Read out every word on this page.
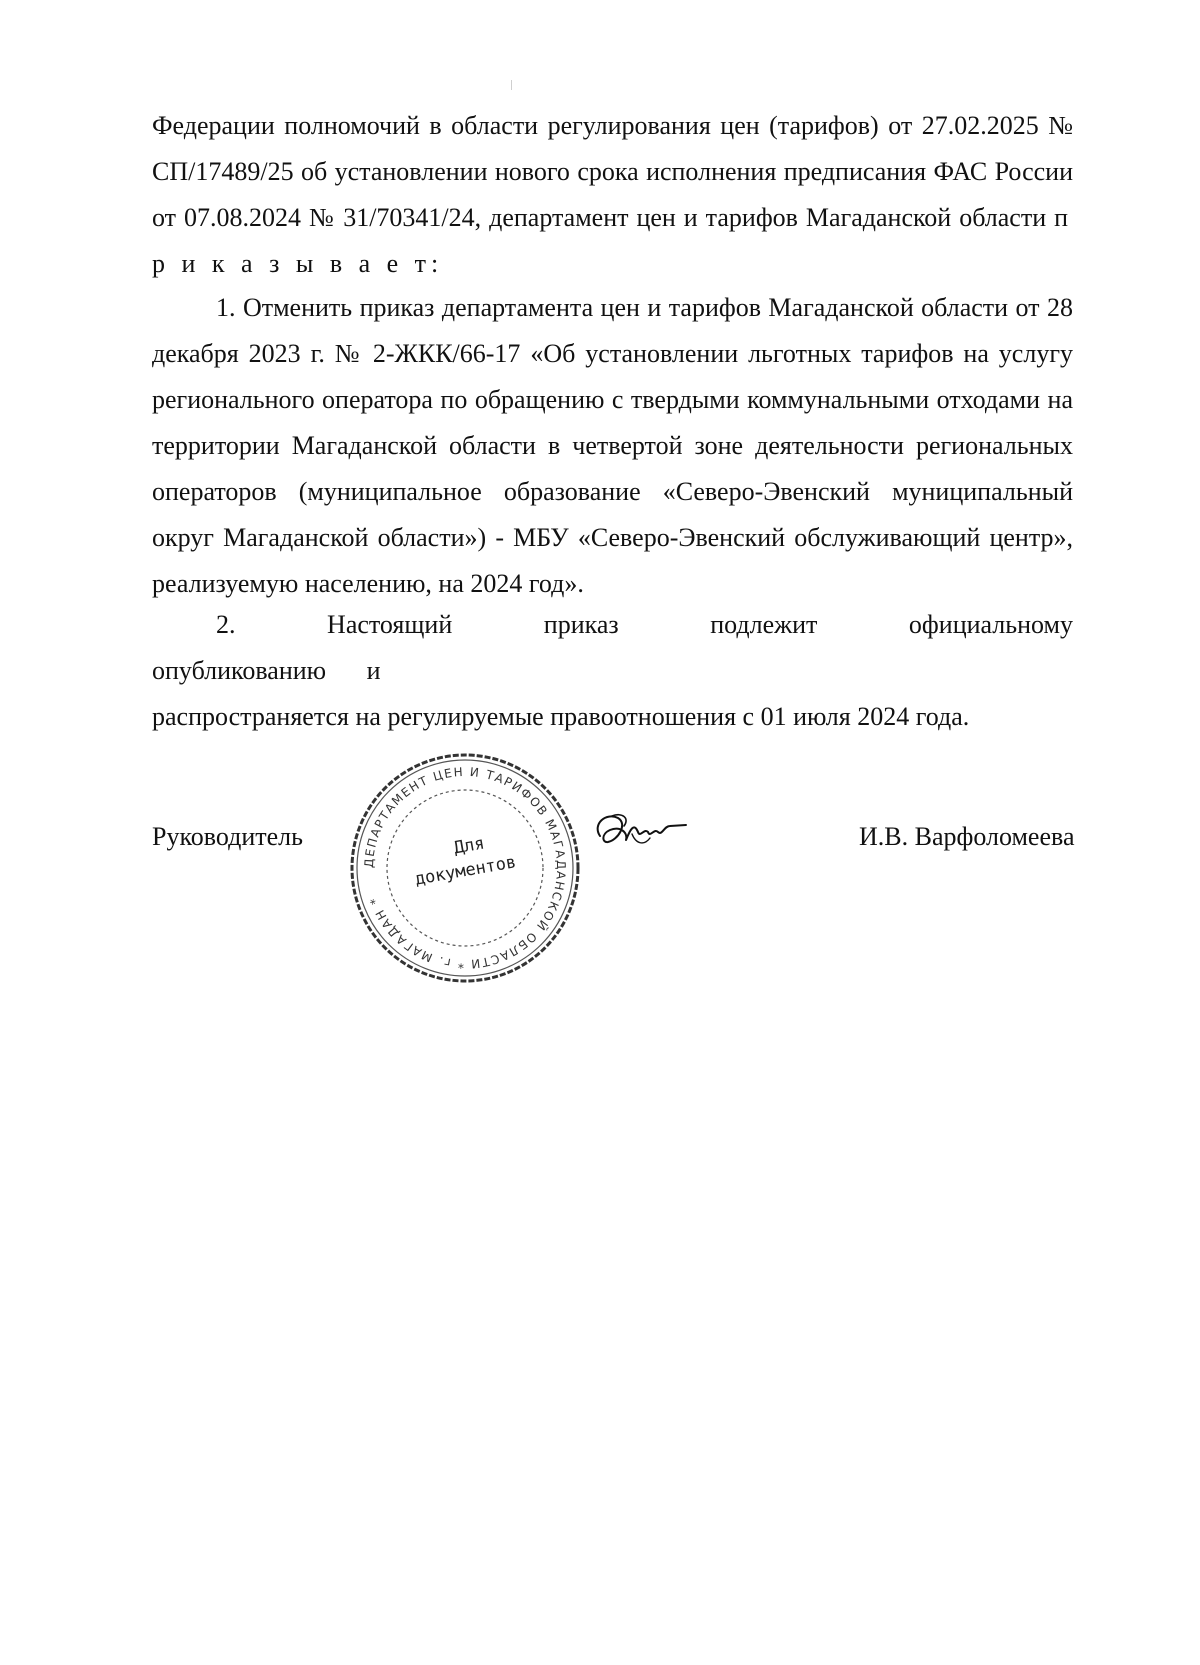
Федерации полномочий в области регулирования цен (тарифов) от 27.02.2025 № СП/17489/25 об установлении нового срока исполнения предписания ФАС России от 07.08.2024 № 31/70341/24, департамент цен и тарифов Магаданской области п р и к а з ы в а е т:

1. Отменить приказ департамента цен и тарифов Магаданской области от 28 декабря 2023 г. № 2-ЖКК/66-17 «Об установлении льготных тарифов на услугу регионального оператора по обращению с твердыми коммунальными отходами на территории Магаданской области в четвертой зоне деятельности региональных операторов (муниципальное образование «Северо-Эвенский муниципальный округ Магаданской области») - МБУ «Северо-Эвенский обслуживающий центр», реализуемую населению, на 2024 год».

2. Настоящий приказ подлежит официальному опубликованию и
распространяется на регулируемые правоотношения с 01 июля 2024 года.

Руководитель
ДЕПАРТАМЕНТ ЦЕН И ТАРИФОВ МАГАДАНСКОЙ ОБЛАСТИ * г. МАГАДАН *
Для
документов
И.В. Варфоломеева
